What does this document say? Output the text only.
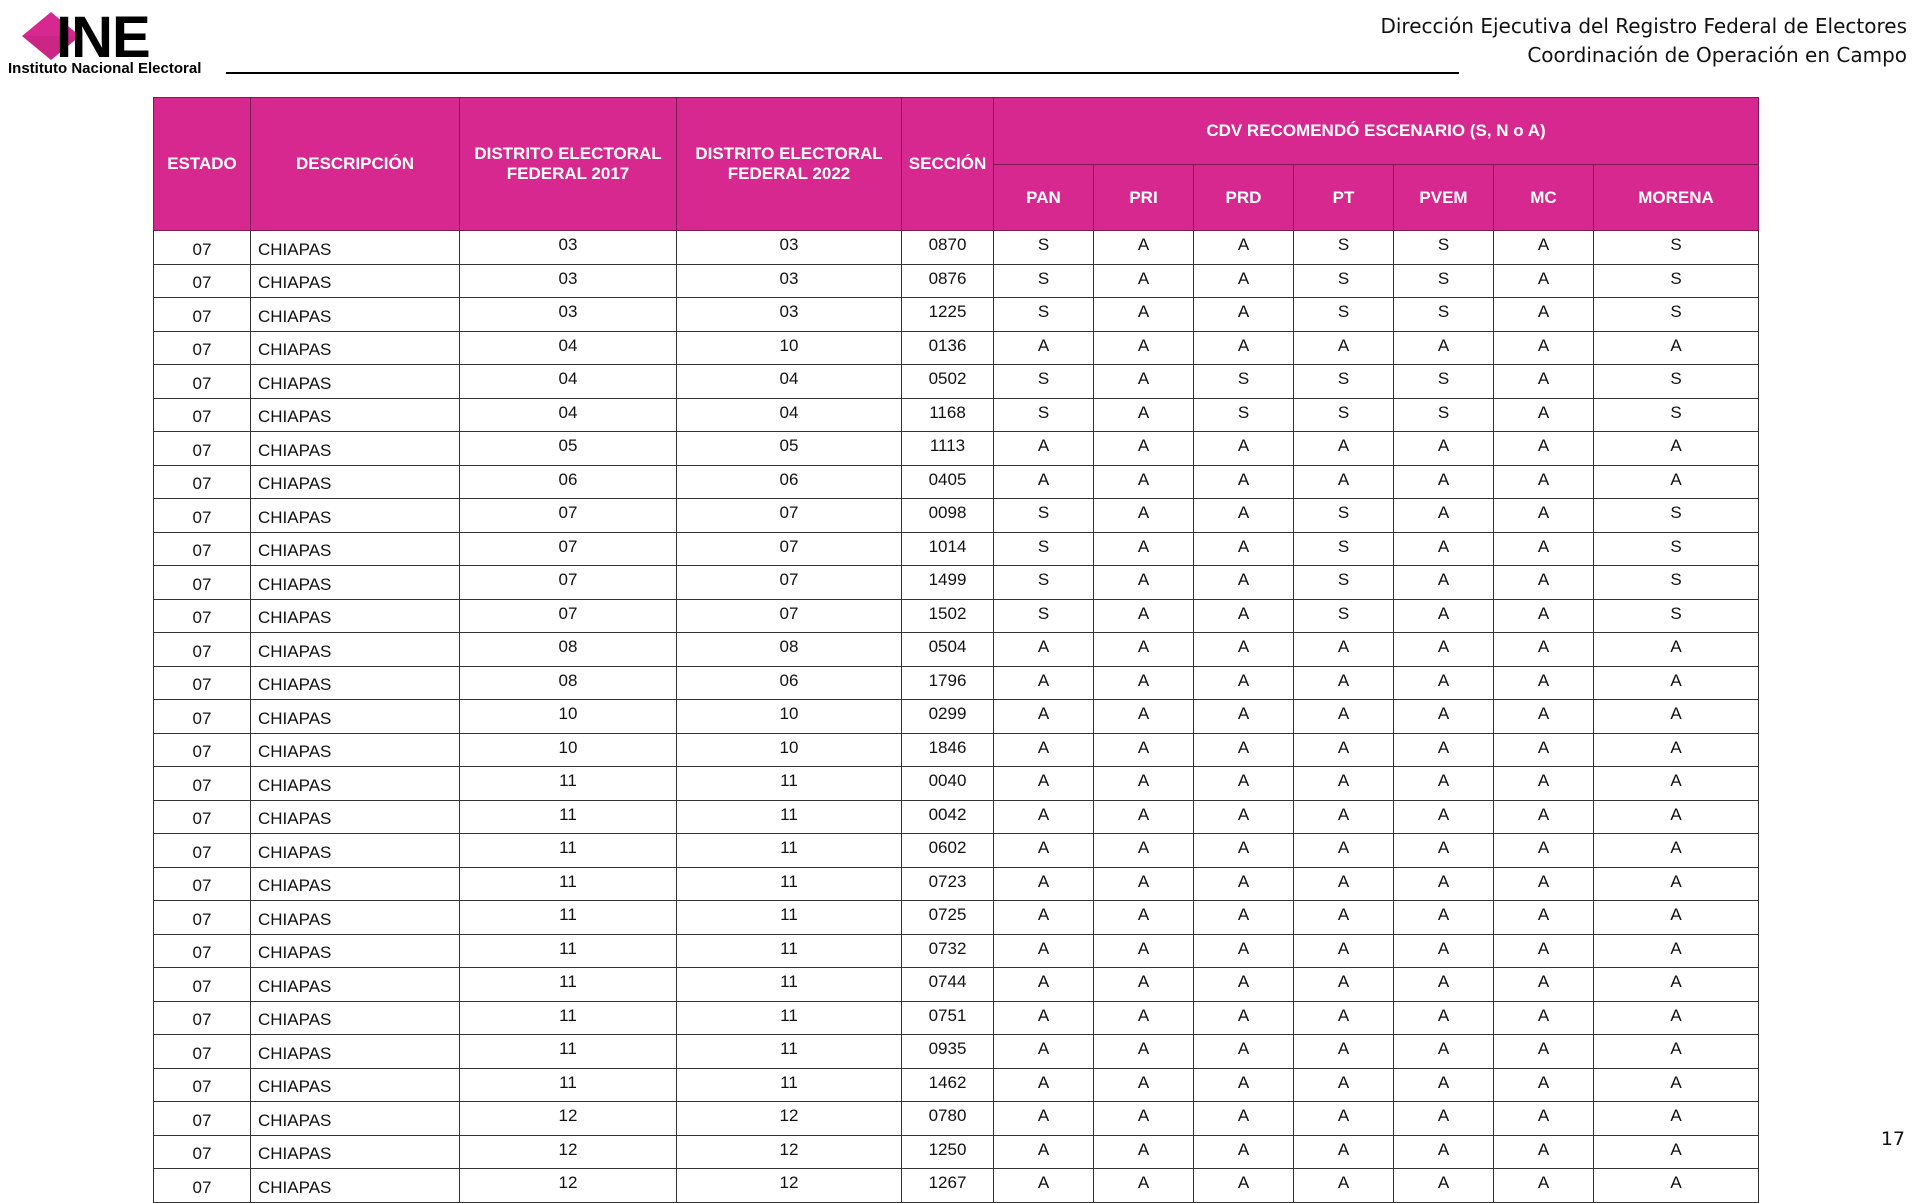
INE
Instituto Nacional Electoral
Dirección Ejecutiva del Registro Federal de Electores
Coordinación de Operación en Campo
ESTADO	DESCRIPCIÓN	DISTRITO ELECTORAL FEDERAL 2017	DISTRITO ELECTORAL FEDERAL 2022	SECCIÓN	CDV RECOMENDÓ ESCENARIO (S, N o A)						
					PAN	PRI	PRD	PT	PVEM	MC	MORENA
07	CHIAPAS	03	03	0870	S	A	A	S	S	A	S
07	CHIAPAS	03	03	0876	S	A	A	S	S	A	S
07	CHIAPAS	03	03	1225	S	A	A	S	S	A	S
07	CHIAPAS	04	10	0136	A	A	A	A	A	A	A
07	CHIAPAS	04	04	0502	S	A	S	S	S	A	S
07	CHIAPAS	04	04	1168	S	A	S	S	S	A	S
07	CHIAPAS	05	05	1113	A	A	A	A	A	A	A
07	CHIAPAS	06	06	0405	A	A	A	A	A	A	A
07	CHIAPAS	07	07	0098	S	A	A	S	A	A	S
07	CHIAPAS	07	07	1014	S	A	A	S	A	A	S
07	CHIAPAS	07	07	1499	S	A	A	S	A	A	S
07	CHIAPAS	07	07	1502	S	A	A	S	A	A	S
07	CHIAPAS	08	08	0504	A	A	A	A	A	A	A
07	CHIAPAS	08	06	1796	A	A	A	A	A	A	A
07	CHIAPAS	10	10	0299	A	A	A	A	A	A	A
07	CHIAPAS	10	10	1846	A	A	A	A	A	A	A
07	CHIAPAS	11	11	0040	A	A	A	A	A	A	A
07	CHIAPAS	11	11	0042	A	A	A	A	A	A	A
07	CHIAPAS	11	11	0602	A	A	A	A	A	A	A
07	CHIAPAS	11	11	0723	A	A	A	A	A	A	A
07	CHIAPAS	11	11	0725	A	A	A	A	A	A	A
07	CHIAPAS	11	11	0732	A	A	A	A	A	A	A
07	CHIAPAS	11	11	0744	A	A	A	A	A	A	A
07	CHIAPAS	11	11	0751	A	A	A	A	A	A	A
07	CHIAPAS	11	11	0935	A	A	A	A	A	A	A
07	CHIAPAS	11	11	1462	A	A	A	A	A	A	A
07	CHIAPAS	12	12	0780	A	A	A	A	A	A	A
07	CHIAPAS	12	12	1250	A	A	A	A	A	A	A
07	CHIAPAS	12	12	1267	A	A	A	A	A	A	A
17
